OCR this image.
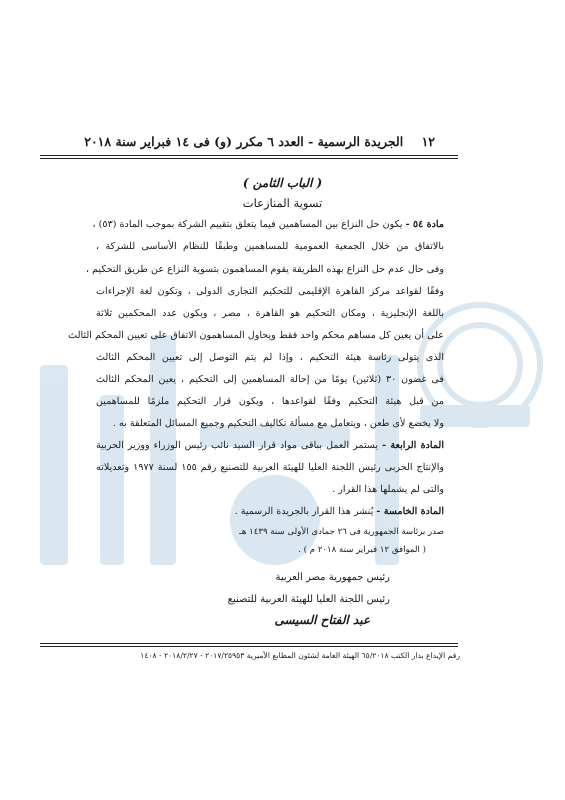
١٢ الجريدة الرسمية - العدد ٦ مكرر (و) فى ١٤ فبراير سنة ٢٠١٨
( الباب الثامن )
تسوية المنازعات
مادة ٥٤ - يكون حل النزاع بين المساهمين فيما يتعلق بتقييم الشركة بموجب المادة (٥٣) ،
بالاتفاق من خلال الجمعية العمومية للمساهمين وطبقًا للنظام الأساسى للشركة ،
وفى حال عدم حل النزاع بهذه الطريقة يقوم المساهمون بتسوية النزاع عن طريق التحكيم ،
وفقًا لقواعد مركز القاهرة الإقليمى للتحكيم التجارى الدولى ، وتكون لغة الإجراءات
باللغة الإنجليزية ، ومكان التحكيم هو القاهرة ، مصر ، ويكون عدد المحكمين ثلاثة
على أن يعين كل مساهم محكم واحد فقط ويحاول المساهمون الاتفاق على تعيين المحكم الثالث
الذى يتولى رئاسة هيئة التحكيم ، وإذا لم يتم التوصل إلى تعيين المحكم الثالث
فى غضون ٣٠ (ثلاثين) يومًا من إحالة المساهمين إلى التحكيم ، يعين المحكم الثالث
من قبل هيئة التحكيم وفقًا لقواعدها ، ويكون قرار التحكيم ملزمًا للمساهمين
ولا يخضع لأى طعن ، ويتعامل مع مسألة تكاليف التحكيم وجميع المسائل المتعلقة به .
المادة الرابعة - يستمر العمل بباقى مواد قرار السيد نائب رئيس الوزراء ووزير الحربية
والإنتاج الحربى رئيس اللجنة العليا للهيئة العربية للتصنيع رقم ١٥٥ لسنة ١٩٧٧ وتعديلاته
والتى لم يشملها هذا القرار .
المادة الخامسة - يُنشر هذا القرار بالجريدة الرسمية .
صدر برئاسة الجمهورية فى ٢٦ جمادى الأولى سنة ١٤٣٩ هـ
( الموافق ١٢ فبراير سنة ٢٠١٨ م ) .
رئيس جمهورية مصر العربية
رئيس اللجنة العليا للهيئة العربية للتصنيع
عبد الفتاح السيسى
رقم الإيداع بدار الكتب ٦٥/٢٠١٨ الهيئة العامة لشئون المطابع الأميرية ٢٠١٧/٢٥٩٥٣ - ٢٠١٨/٢/٢٧ - ١٤٠٨
